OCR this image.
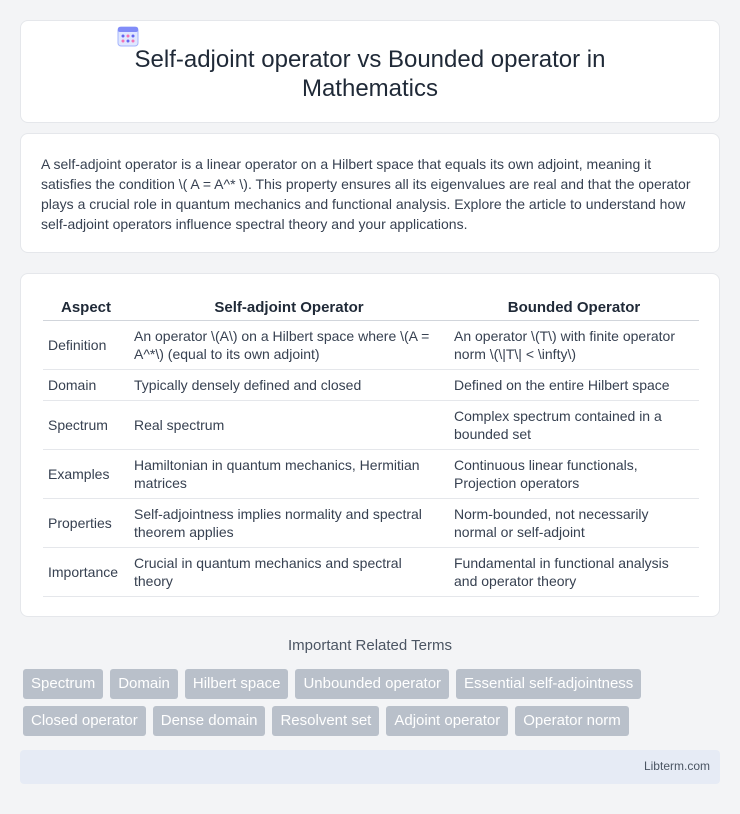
Self-adjoint operator vs Bounded operator in Mathematics

A self-adjoint operator is a linear operator on a Hilbert space that equals its own adjoint, meaning it satisfies the condition \( A = A^* \). This property ensures all its eigenvalues are real and that the operator plays a crucial role in quantum mechanics and functional analysis. Explore the article to understand how self-adjoint operators influence spectral theory and your applications.

Aspect	Self-adjoint Operator	Bounded Operator
Definition	An operator \(A\) on a Hilbert space where \(A = A^*\) (equal to its own adjoint)	An operator \(T\) with finite operator norm \(\|T\| < \infty\)
Domain	Typically densely defined and closed	Defined on the entire Hilbert space
Spectrum	Real spectrum	Complex spectrum contained in a bounded set
Examples	Hamiltonian in quantum mechanics, Hermitian matrices	Continuous linear functionals, Projection operators
Properties	Self-adjointness implies normality and spectral theorem applies	Norm-bounded, not necessarily normal or self-adjoint
Importance	Crucial in quantum mechanics and spectral theory	Fundamental in functional analysis and operator theory
Important Related Terms
Spectrum	Domain	Hilbert space	Unbounded operator	Essential self-adjointness
Closed operator	Dense domain	Resolvent set	Adjoint operator	Operator norm
Libterm.com
